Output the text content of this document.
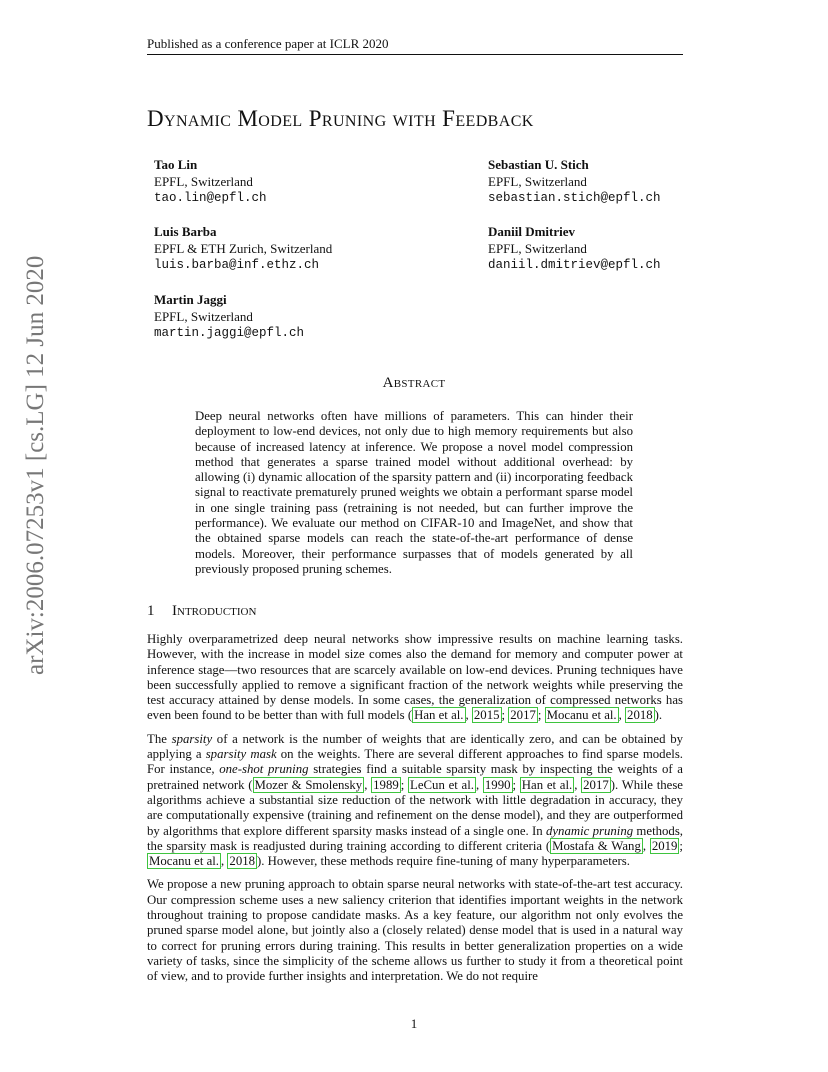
Published as a conference paper at ICLR 2020
arXiv:2006.07253v1 [cs.LG] 12 Jun 2020
Dynamic Model Pruning with Feedback
Tao Lin
EPFL, Switzerland
tao.lin@epfl.ch
Sebastian U. Stich
EPFL, Switzerland
sebastian.stich@epfl.ch
Luis Barba
EPFL & ETH Zurich, Switzerland
luis.barba@inf.ethz.ch
Daniil Dmitriev
EPFL, Switzerland
daniil.dmitriev@epfl.ch
Martin Jaggi
EPFL, Switzerland
martin.jaggi@epfl.ch
Abstract
Deep neural networks often have millions of parameters. This can hinder their deployment to low-end devices, not only due to high memory requirements but also because of increased latency at inference. We propose a novel model compression method that generates a sparse trained model without additional overhead: by allowing (i) dynamic allocation of the sparsity pattern and (ii) incorporating feedback signal to reactivate prematurely pruned weights we obtain a performant sparse model in one single training pass (retraining is not needed, but can further improve the performance). We evaluate our method on CIFAR-10 and ImageNet, and show that the obtained sparse models can reach the state-of-the-art performance of dense models. Moreover, their performance surpasses that of models generated by all previously proposed pruning schemes.
1 Introduction

Highly overparametrized deep neural networks show impressive results on machine learning tasks. However, with the increase in model size comes also the demand for memory and computer power at inference stage—two resources that are scarcely available on low-end devices. Pruning techniques have been successfully applied to remove a significant fraction of the network weights while preserving the test accuracy attained by dense models. In some cases, the generalization of compressed networks has even been found to be better than with full models ( Han et al. , 2015 ; 2017 ; Mocanu et al. , 2018 ).

The sparsity of a network is the number of weights that are identically zero, and can be obtained by applying a sparsity mask on the weights. There are several different approaches to find sparse models. For instance, one-shot pruning strategies find a suitable sparsity mask by inspecting the weights of a pretrained network ( Mozer & Smolensky , 1989 ; LeCun et al. , 1990 ; Han et al. , 2017 ). While these algorithms achieve a substantial size reduction of the network with little degradation in accuracy, they are computationally expensive (training and refinement on the dense model), and they are outperformed by algorithms that explore different sparsity masks instead of a single one. In dynamic pruning methods, the sparsity mask is readjusted during training according to different criteria ( Mostafa & Wang , 2019 ; Mocanu et al. , 2018 ). However, these methods require fine-tuning of many hyperparameters.

We propose a new pruning approach to obtain sparse neural networks with state-of-the-art test accuracy. Our compression scheme uses a new saliency criterion that identifies important weights in the network throughout training to propose candidate masks. As a key feature, our algorithm not only evolves the pruned sparse model alone, but jointly also a (closely related) dense model that is used in a natural way to correct for pruning errors during training. This results in better generalization properties on a wide variety of tasks, since the simplicity of the scheme allows us further to study it from a theoretical point of view, and to provide further insights and interpretation. We do not require

1
